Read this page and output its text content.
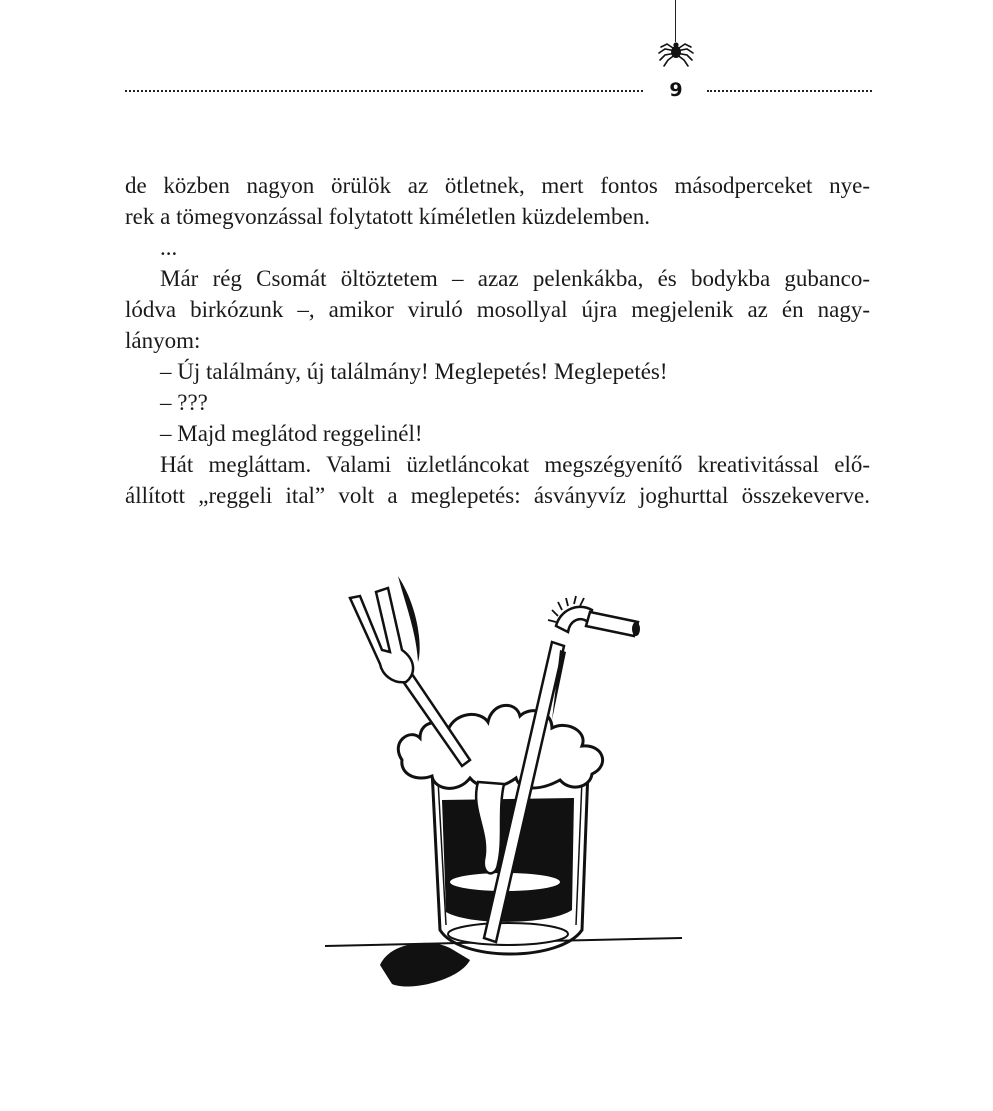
9
de közben nagyon örülök az ötletnek, mert fontos másodperceket nye-
rek a tömegvonzással folytatott kíméletlen küzdelemben.
...
Már rég Csomát öltöztetem – azaz pelenkákba, és bodykba gubanco-
lódva birkózunk –, amikor viruló mosollyal újra megjelenik az én nagy-
lányom:
– Új találmány, új találmány! Meglepetés! Meglepetés!
– ???
– Majd meglátod reggelinél!
Hát megláttam. Valami üzletláncokat megszégyenítő kreativitással elő-
állított „reggeli ital” volt a meglepetés: ásványvíz joghurttal összekeverve.
